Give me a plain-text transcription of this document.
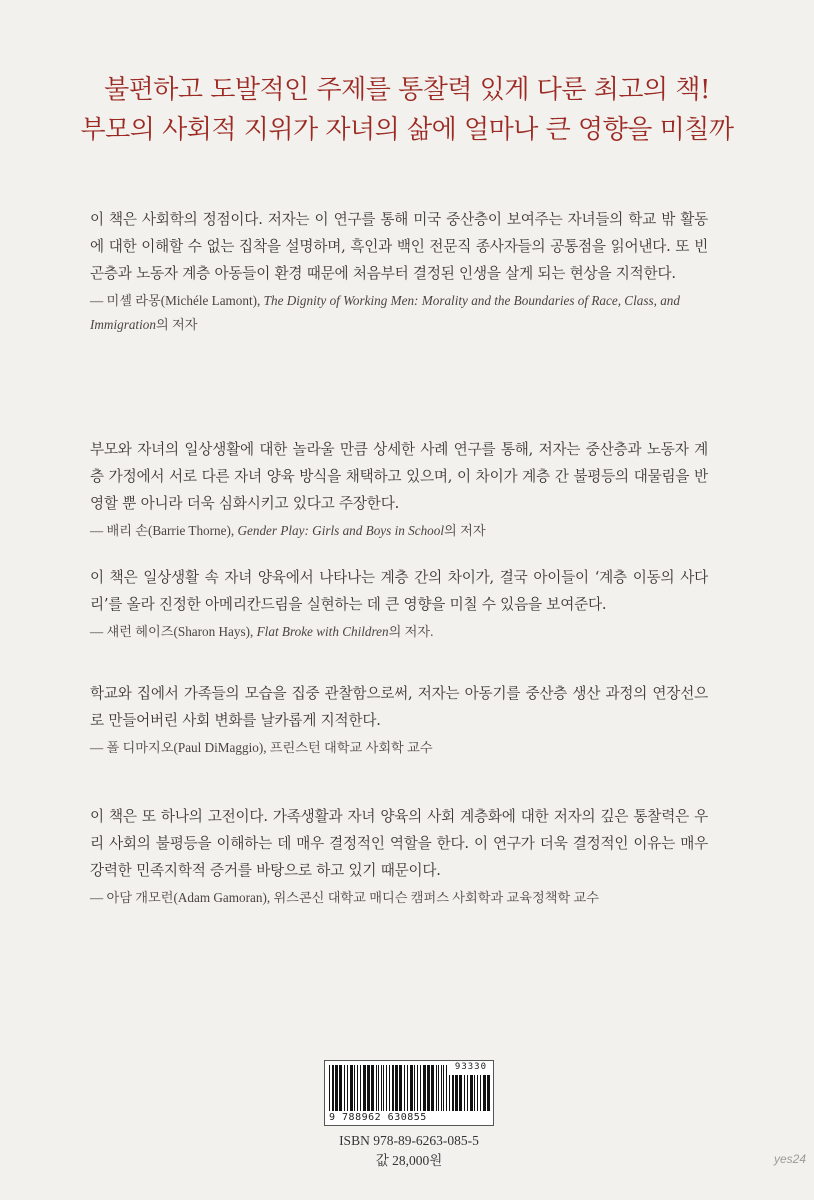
불편하고 도발적인 주제를 통찰력 있게 다룬 최고의 책!
부모의 사회적 지위가 자녀의 삶에 얼마나 큰 영향을 미칠까
이 책은 사회학의 정점이다. 저자는 이 연구를 통해 미국 중산층이 보여주는 자녀들의 학교 밖 활동에 대한 이해할 수 없는 집착을 설명하며, 흑인과 백인 전문직 종사자들의 공통점을 읽어낸다. 또 빈곤층과 노동자 계층 아동들이 환경 때문에 처음부터 결정된 인생을 살게 되는 현상을 지적한다.
— 미셸 라몽(Michéle Lamont), The Dignity of Working Men: Morality and the Boundaries of Race, Class, and Immigration의 저자
부모와 자녀의 일상생활에 대한 놀라울 만큼 상세한 사례 연구를 통해, 저자는 중산층과 노동자 계층 가정에서 서로 다른 자녀 양육 방식을 채택하고 있으며, 이 차이가 계층 간 불평등의 대물림을 반영할 뿐 아니라 더욱 심화시키고 있다고 주장한다.
— 배리 손(Barrie Thorne), Gender Play: Girls and Boys in School의 저자
이 책은 일상생활 속 자녀 양육에서 나타나는 계층 간의 차이가, 결국 아이들이 ‘계층 이동의 사다리’를 올라 진정한 아메리칸드림을 실현하는 데 큰 영향을 미칠 수 있음을 보여준다.
— 섀런 헤이즈(Sharon Hays), Flat Broke with Children의 저자.
학교와 집에서 가족들의 모습을 집중 관찰함으로써, 저자는 아동기를 중산층 생산 과정의 연장선으로 만들어버린 사회 변화를 날카롭게 지적한다.
— 폴 디마지오(Paul DiMaggio), 프린스턴 대학교 사회학 교수
이 책은 또 하나의 고전이다. 가족생활과 자녀 양육의 사회 계층화에 대한 저자의 깊은 통찰력은 우리 사회의 불평등을 이해하는 데 매우 결정적인 역할을 한다. 이 연구가 더욱 결정적인 이유는 매우 강력한 민족지학적 증거를 바탕으로 하고 있기 때문이다.
— 아담 개모런(Adam Gamoran), 위스콘신 대학교 매디슨 캠퍼스 사회학과 교육정책학 교수
93330
9 788962 630855
ISBN 978-89-6263-085-5
값 28,000원	yes24
